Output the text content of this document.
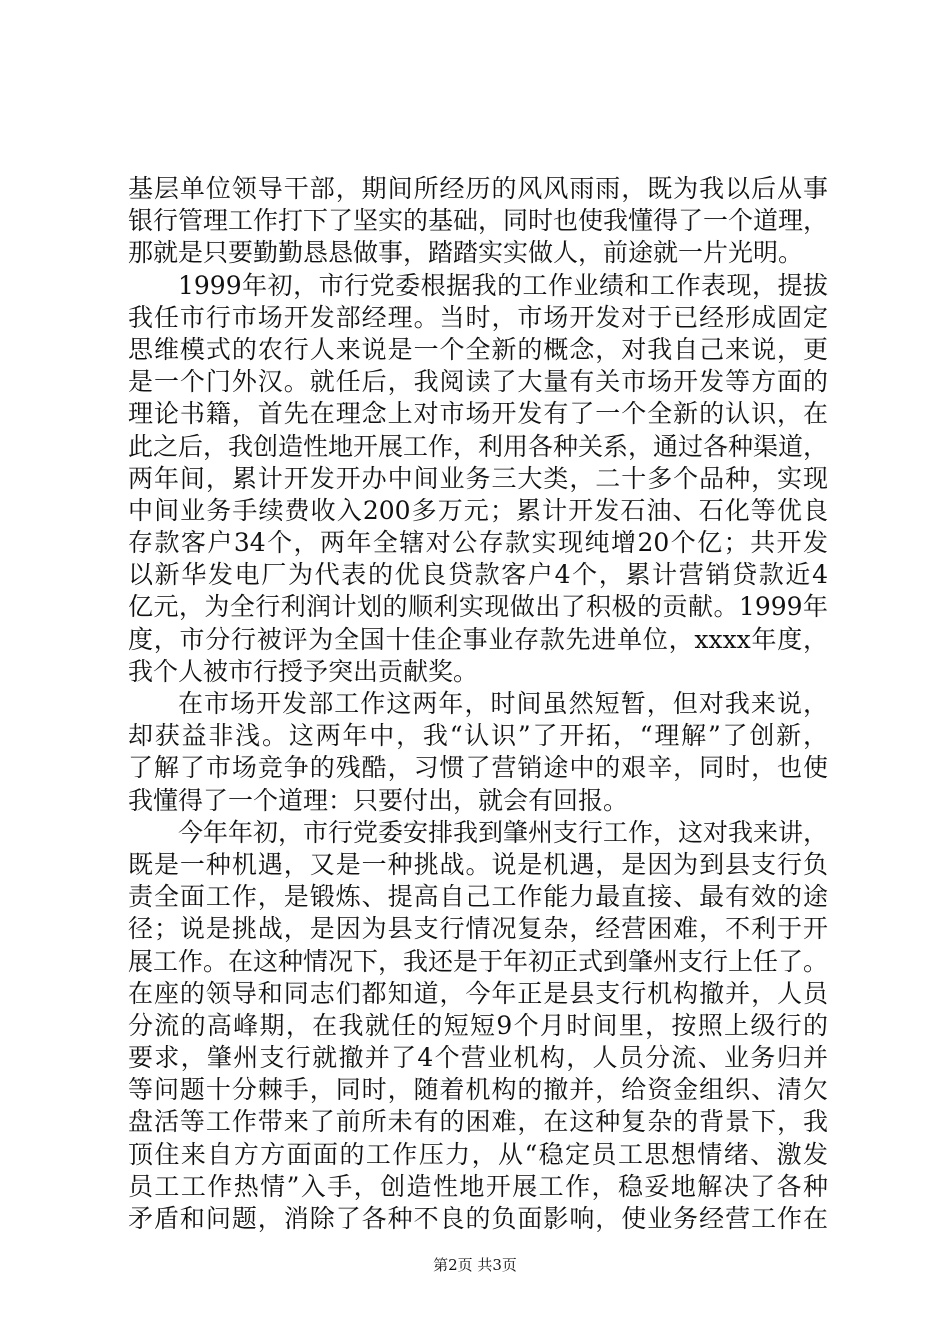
基层单位领导干部，期间所经历的风风雨雨，既为我以后从事
银行管理工作打下了坚实的基础，同时也使我懂得了一个道理，
那就是只要勤勤恳恳做事，踏踏实实做人，前途就一片光明。
1999年初，市行党委根据我的工作业绩和工作表现，提拔
我任市行市场开发部经理。当时，市场开发对于已经形成固定
思维模式的农行人来说是一个全新的概念，对我自己来说，更
是一个门外汉。就任后，我阅读了大量有关市场开发等方面的
理论书籍，首先在理念上对市场开发有了一个全新的认识，在
此之后，我创造性地开展工作，利用各种关系，通过各种渠道，
两年间，累计开发开办中间业务三大类，二十多个品种，实现
中间业务手续费收入200多万元；累计开发石油、石化等优良
存款客户34个，两年全辖对公存款实现纯增20个亿；共开发
以新华发电厂为代表的优良贷款客户4个，累计营销贷款近4
亿元，为全行利润计划的顺利实现做出了积极的贡献。1999年
度，市分行被评为全国十佳企事业存款先进单位，xxxx年度，
我个人被市行授予突出贡献奖。
在市场开发部工作这两年，时间虽然短暂，但对我来说，
却获益非浅。这两年中，我“认识”了开拓，“理解”了创新，
了解了市场竞争的残酷，习惯了营销途中的艰辛，同时，也使
我懂得了一个道理：只要付出，就会有回报。
今年年初，市行党委安排我到肇州支行工作，这对我来讲，
既是一种机遇，又是一种挑战。说是机遇，是因为到县支行负
责全面工作，是锻炼、提高自己工作能力最直接、最有效的途
径；说是挑战，是因为县支行情况复杂，经营困难，不利于开
展工作。在这种情况下，我还是于年初正式到肇州支行上任了。
在座的领导和同志们都知道，今年正是县支行机构撤并，人员
分流的高峰期，在我就任的短短9个月时间里，按照上级行的
要求，肇州支行就撤并了4个营业机构，人员分流、业务归并
等问题十分棘手，同时，随着机构的撤并，给资金组织、清欠
盘活等工作带来了前所未有的困难，在这种复杂的背景下，我
顶住来自方方面面的工作压力，从“稳定员工思想情绪、激发
员工工作热情”入手，创造性地开展工作，稳妥地解决了各种
矛盾和问题，消除了各种不良的负面影响，使业务经营工作在
第2页 共3页
